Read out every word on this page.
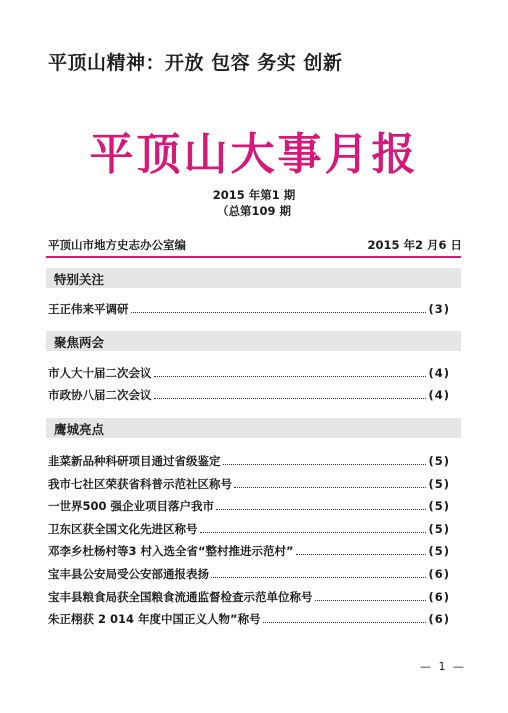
平顶山精神：开放 包容 务实 创新
平顶山大事月报
2015 年第1 期
（总第109 期
平顶山市地方史志办公室编	2015 年2 月6 日
特别关注
王正伟来平调研	(3)
聚焦两会
市人大十届二次会议	(4)
市政协八届二次会议	(4)
鹰城亮点
韭菜新品种科研项目通过省级鉴定	(5)
我市七社区荣获省科普示范社区称号	(5)
一世界500 强企业项目落户我市	(5)
卫东区获全国文化先进区称号	(5)
邓李乡杜杨村等3 村入选全省“整村推进示范村”	(5)
宝丰县公安局受公安部通报表扬	(6)
宝丰县粮食局获全国粮食流通监督检查示范单位称号	(6)
朱正栩获 2 014 年度中国正义人物”称号	(6)
— 1 —
